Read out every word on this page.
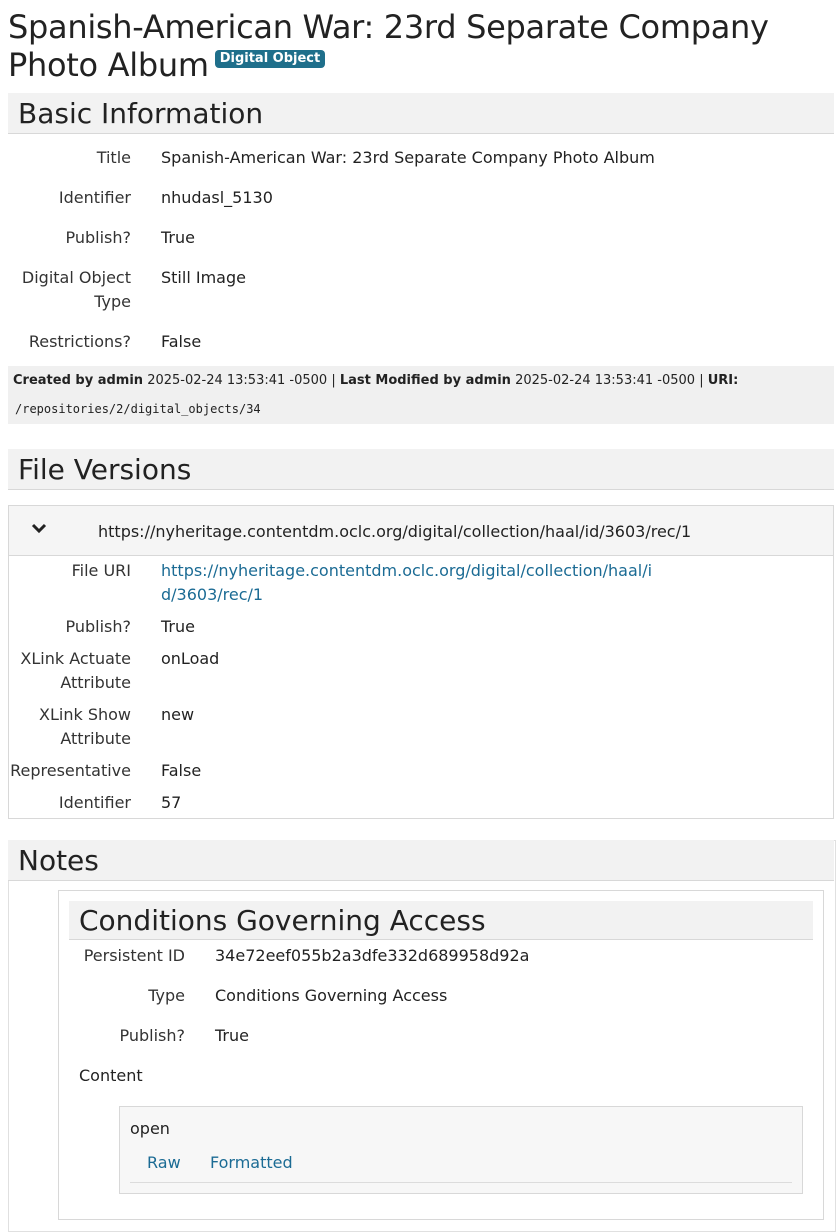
Spanish-American War: 23rd Separate Company Photo Album Digital Object
Basic Information
Title Spanish-American War: 23rd Separate Company Photo Album
Identifier nhudasl_5130
Publish? True
Digital Object Type
Still Image
Restrictions? False
Created by admin 2025-02-24 13:53:41 -0500 | Last Modified by admin 2025-02-24 13:53:41 -0500 | URI:
/repositories/2/digital_objects/34
File Versions
https://nyheritage.contentdm.oclc.org/digital/collection/haal/id/3603/rec/1
File URI https://nyheritage.contentdm.oclc.org/digital/collection/haal/id/3603/rec/1
Publish? True
XLink Actuate Attribute
onLoad
XLink Show Attribute
new
Representative False
Identifier 57
Notes
Conditions Governing Access
Persistent ID 34e72eef055b2a3dfe332d689958d92a
Type Conditions Governing Access
Publish? True
Content
open
Raw Formatted
